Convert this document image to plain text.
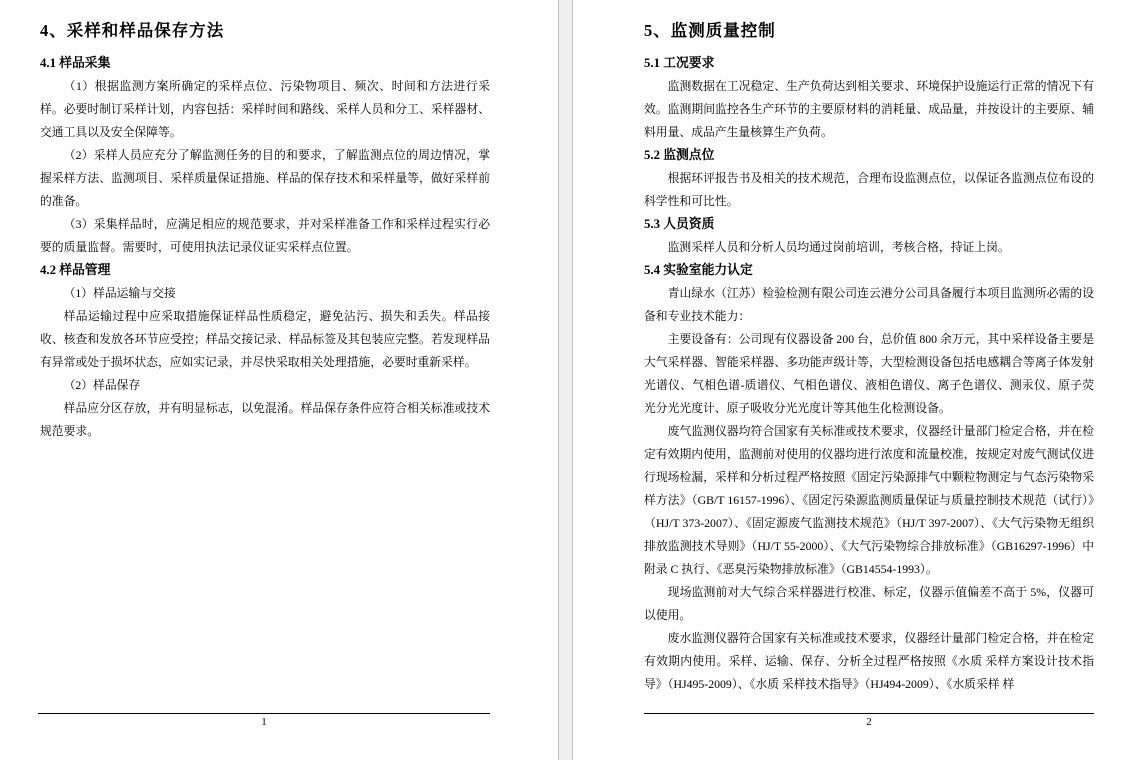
4、采样和样品保存方法
4.1 样品采集

（1）根据监测方案所确定的采样点位、污染物项目、频次、时间和方法进行采样。必要时制订采样计划，内容包括：采样时间和路线、采样人员和分工、采样器材、交通工具以及安全保障等。

（2）采样人员应充分了解监测任务的目的和要求，了解监测点位的周边情况，掌握采样方法、监测项目、采样质量保证措施、样品的保存技术和采样量等，做好采样前的准备。

（3）采集样品时，应满足相应的规范要求，并对采样准备工作和采样过程实行必要的质量监督。需要时，可使用执法记录仪证实采样点位置。

4.2 样品管理

（1）样品运输与交接

样品运输过程中应采取措施保证样品性质稳定，避免沾污、损失和丢失。样品接收、核查和发放各环节应受控；样品交接记录、样品标签及其包装应完整。若发现样品有异常或处于损坏状态，应如实记录，并尽快采取相关处理措施，必要时重新采样。

（2）样品保存

样品应分区存放，并有明显标志，以免混淆。样品保存条件应符合相关标准或技术规范要求。

1
5、监测质量控制
5.1 工况要求

监测数据在工况稳定、生产负荷达到相关要求、环境保护设施运行正常的情况下有效。监测期间监控各生产环节的主要原材料的消耗量、成品量，并按设计的主要原、辅料用量、成品产生量核算生产负荷。

5.2 监测点位

根据环评报告书及相关的技术规范，合理布设监测点位，以保证各监测点位布设的科学性和可比性。

5.3 人员资质

监测采样人员和分析人员均通过岗前培训，考核合格，持证上岗。

5.4 实验室能力认定

青山绿水（江苏）检验检测有限公司连云港分公司具备履行本项目监测所必需的设备和专业技术能力：

主要设备有：公司现有仪器设备 200 台，总价值 800 余万元，其中采样设备主要是大气采样器、智能采样器、多功能声级计等，大型检测设备包括电感耦合等离子体发射光谱仪、气相色谱-质谱仪、气相色谱仪、液相色谱仪、离子色谱仪、测汞仪、原子荧光分光光度计、原子吸收分光光度计等其他生化检测设备。

废气监测仪器均符合国家有关标准或技术要求，仪器经计量部门检定合格，并在检定有效期内使用，监测前对使用的仪器均进行浓度和流量校准，按规定对废气测试仪进行现场检漏，采样和分析过程严格按照《固定污染源排气中颗粒物测定与气态污染物采样方法》（GB/T 16157-1996）、《固定污染源监测质量保证与质量控制技术规范（试行）》（HJ/T 373-2007）、《固定源废气监测技术规范》（HJ/T 397-2007）、《大气污染物无组织排放监测技术导则》（HJ/T 55-2000）、《大气污染物综合排放标准》（GB16297-1996）中附录 C 执行、《恶臭污染物排放标准》（GB14554-1993）。

现场监测前对大气综合采样器进行校准、标定，仪器示值偏差不高于 5%，仪器可以使用。

废水监测仪器符合国家有关标准或技术要求，仪器经计量部门检定合格，并在检定有效期内使用。采样、运输、保存、分析全过程严格按照《水质 采样方案设计技术指导》（HJ495-2009）、《水质 采样技术指导》（HJ494-2009）、《水质采样 样

2
